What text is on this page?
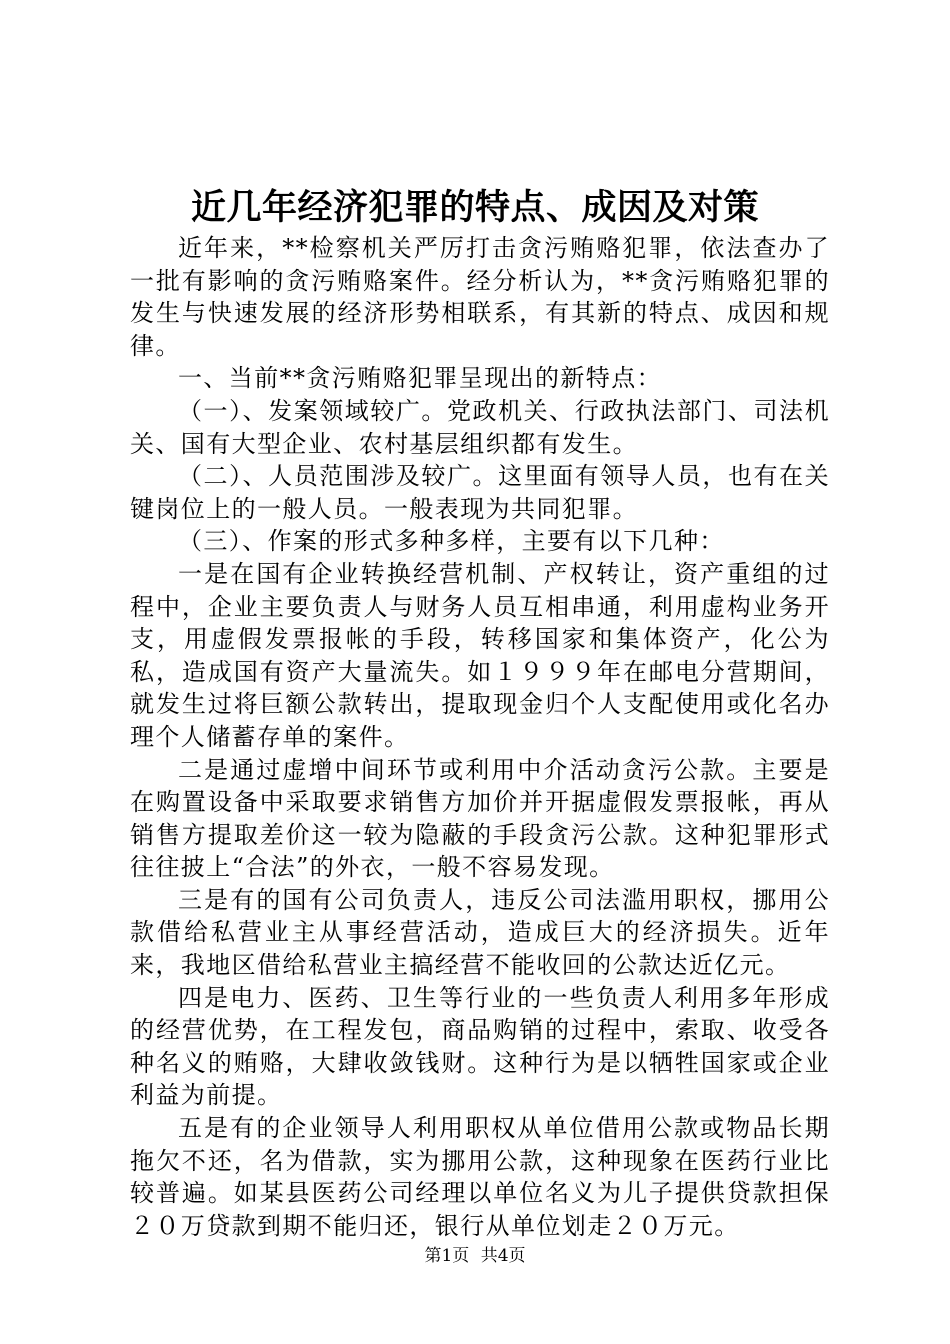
近几年经济犯罪的特点、成因及对策

近年来，**检察机关严厉打击贪污贿赂犯罪，依法查办了一批有影响的贪污贿赂案件。经分析认为，**贪污贿赂犯罪的发生与快速发展的经济形势相联系，有其新的特点、成因和规律。

一、当前**贪污贿赂犯罪呈现出的新特点：

（一）、发案领域较广。党政机关、行政执法部门、司法机关、国有大型企业、农村基层组织都有发生。

（二）、人员范围涉及较广。这里面有领导人员，也有在关键岗位上的一般人员。一般表现为共同犯罪。

（三）、作案的形式多种多样，主要有以下几种：

一是在国有企业转换经营机制、产权转让，资产重组的过程中，企业主要负责人与财务人员互相串通，利用虚构业务开支，用虚假发票报帐的手段，转移国家和集体资产，化公为私，造成国有资产大量流失。如１９９９年在邮电分营期间，就发生过将巨额公款转出，提取现金归个人支配使用或化名办理个人储蓄存单的案件。

二是通过虚增中间环节或利用中介活动贪污公款。主要是在购置设备中采取要求销售方加价并开据虚假发票报帐，再从销售方提取差价这一较为隐蔽的手段贪污公款。这种犯罪形式往往披上“合法”的外衣，一般不容易发现。

三是有的国有公司负责人，违反公司法滥用职权，挪用公款借给私营业主从事经营活动，造成巨大的经济损失。近年来，我地区借给私营业主搞经营不能收回的公款达近亿元。

四是电力、医药、卫生等行业的一些负责人利用多年形成的经营优势，在工程发包，商品购销的过程中，索取、收受各种名义的贿赂，大肆收敛钱财。这种行为是以牺牲国家或企业利益为前提。

五是有的企业领导人利用职权从单位借用公款或物品长期拖欠不还，名为借款，实为挪用公款，这种现象在医药行业比较普遍。如某县医药公司经理以单位名义为儿子提供贷款担保２０万贷款到期不能归还，银行从单位划走２０万元。

第1页 共4页
